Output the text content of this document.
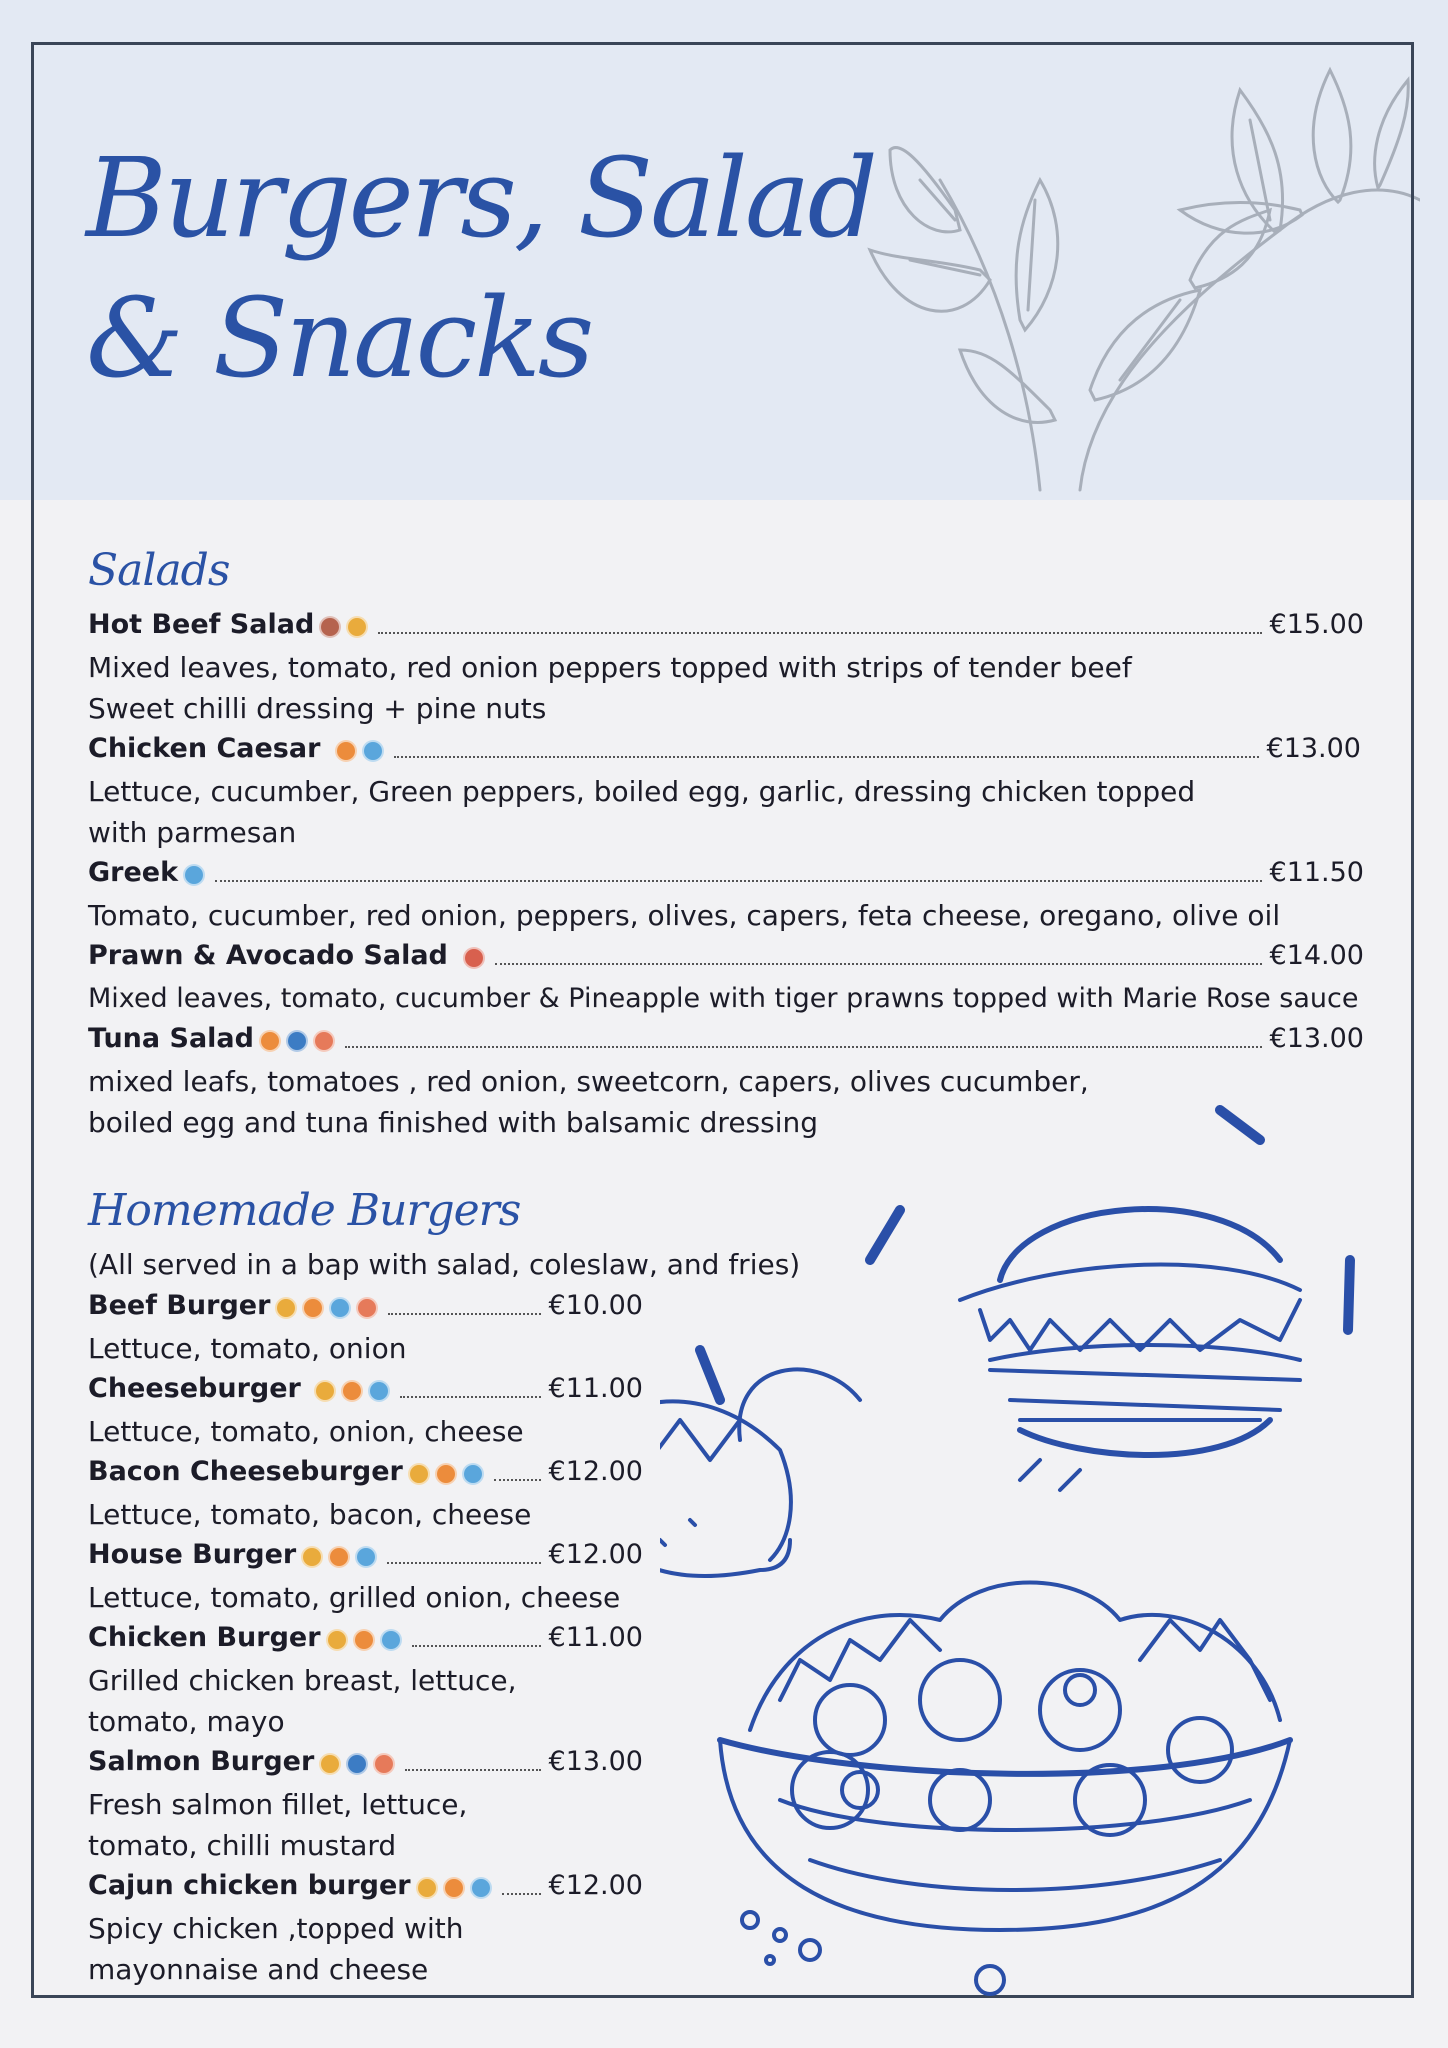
Burgers, Salad
& Snacks
Salads
Hot Beef Salad	€15.00
Mixed leaves, tomato, red onion peppers topped with strips of tender beef
Sweet chilli dressing + pine nuts
Chicken Caesar	€13.00
Lettuce, cucumber, Green peppers, boiled egg, garlic, dressing chicken topped
with parmesan
Greek	€11.50
Tomato, cucumber, red onion, peppers, olives, capers, feta cheese, oregano, olive oil
Prawn & Avocado Salad	€14.00
Mixed leaves, tomato, cucumber & Pineapple with tiger prawns topped with Marie Rose sauce
Tuna Salad	€13.00
mixed leafs, tomatoes , red onion, sweetcorn, capers, olives cucumber,
boiled egg and tuna finished with balsamic dressing
Homemade Burgers
(All served in a bap with salad, coleslaw, and fries)
Beef Burger	€10.00
Lettuce, tomato, onion
Cheeseburger	€11.00
Lettuce, tomato, onion, cheese
Bacon Cheeseburger	€12.00
Lettuce, tomato, bacon, cheese
House Burger	€12.00
Lettuce, tomato, grilled onion, cheese
Chicken Burger	€11.00
Grilled chicken breast, lettuce,
tomato, mayo
Salmon Burger	€13.00
Fresh salmon fillet, lettuce,
tomato, chilli mustard
Cajun chicken burger	€12.00
Spicy chicken ,topped with
mayonnaise and cheese
